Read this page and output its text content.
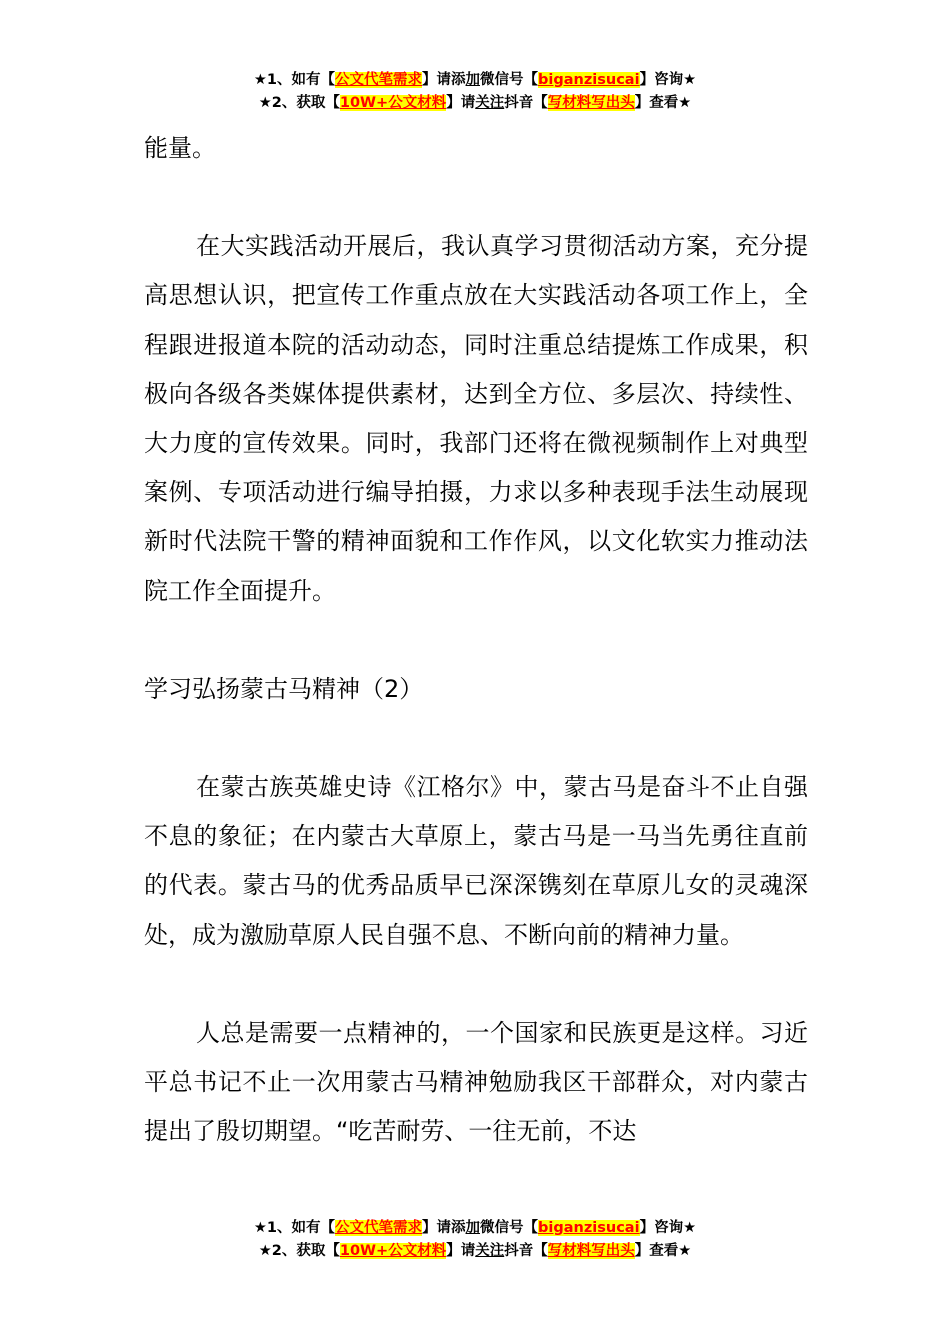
★1、如有【公文代笔需求】请添加微信号【biganzisucai】咨询★
★2、获取【10W+公文材料】请关注抖音【写材料写出头】查看★

能量。

在大实践活动开展后，我认真学习贯彻活动方案，充分提高思想认识，把宣传工作重点放在大实践活动各项工作上，全程跟进报道本院的活动动态，同时注重总结提炼工作成果，积极向各级各类媒体提供素材，达到全方位、多层次、持续性、大力度的宣传效果。同时，我部门还将在微视频制作上对典型案例、专项活动进行编导拍摄，力求以多种表现手法生动展现新时代法院干警的精神面貌和工作作风，以文化软实力推动法院工作全面提升。

学习弘扬蒙古马精神（2）

在蒙古族英雄史诗《江格尔》中，蒙古马是奋斗不止自强不息的象征；在内蒙古大草原上，蒙古马是一马当先勇往直前的代表。蒙古马的优秀品质早已深深镌刻在草原儿女的灵魂深处，成为激励草原人民自强不息、不断向前的精神力量。

人总是需要一点精神的，一个国家和民族更是这样。习近平总书记不止一次用蒙古马精神勉励我区干部群众，对内蒙古提出了殷切期望。“吃苦耐劳、一往无前，不达

★1、如有【公文代笔需求】请添加微信号【biganzisucai】咨询★
★2、获取【10W+公文材料】请关注抖音【写材料写出头】查看★
